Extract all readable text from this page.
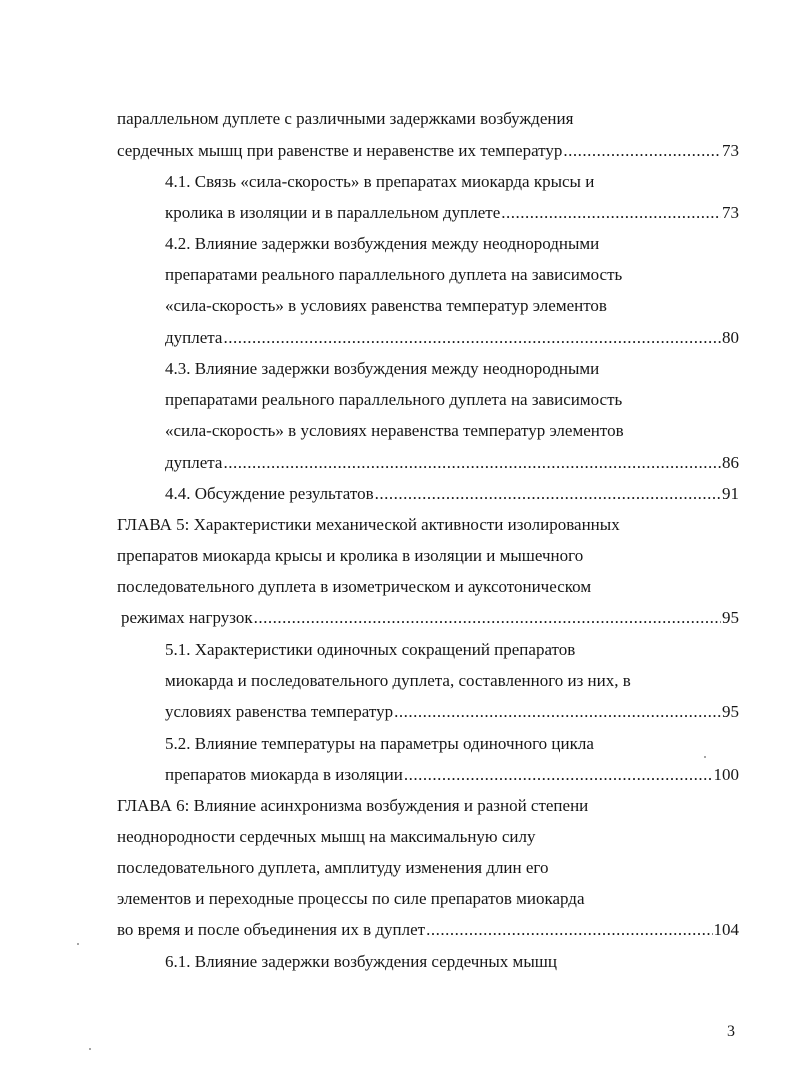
параллельном дуплете с различными задержками возбуждения
сердечных мышц при равенстве и неравенстве их температур .....	73
4.1. Связь «сила-скорость» в препаратах миокарда крысы и
кролика в изоляции и в параллельном дуплете .....	73
4.2. Влияние задержки возбуждения между неоднородными
препаратами реального параллельного дуплета на зависимость
«сила-скорость» в условиях равенства температур элементов
дуплета .....	80
4.3. Влияние задержки возбуждения между неоднородными
препаратами реального параллельного дуплета на зависимость
«сила-скорость» в условиях неравенства температур элементов
дуплета .....	86
4.4. Обсуждение результатов .....	91
ГЛАВА 5: Характеристики механической активности изолированных
препаратов миокарда крысы и кролика в изоляции и мышечного
последовательного дуплета в изометрическом и ауксотоническом
режимах нагрузок .....	95
5.1. Характеристики одиночных сокращений препаратов
миокарда и последовательного дуплета, составленного из них, в
условиях равенства температур .....	95
5.2. Влияние температуры на параметры одиночного цикла
препаратов миокарда в изоляции .....	100
ГЛАВА 6: Влияние асинхронизма возбуждения и разной степени
неоднородности сердечных мышц на максимальную силу
последовательного дуплета, амплитуду изменения длин его
элементов и переходные процессы по силе препаратов миокарда
во время и после объединения их в дуплет .....	104
6.1. Влияние задержки возбуждения сердечных мышц
3
